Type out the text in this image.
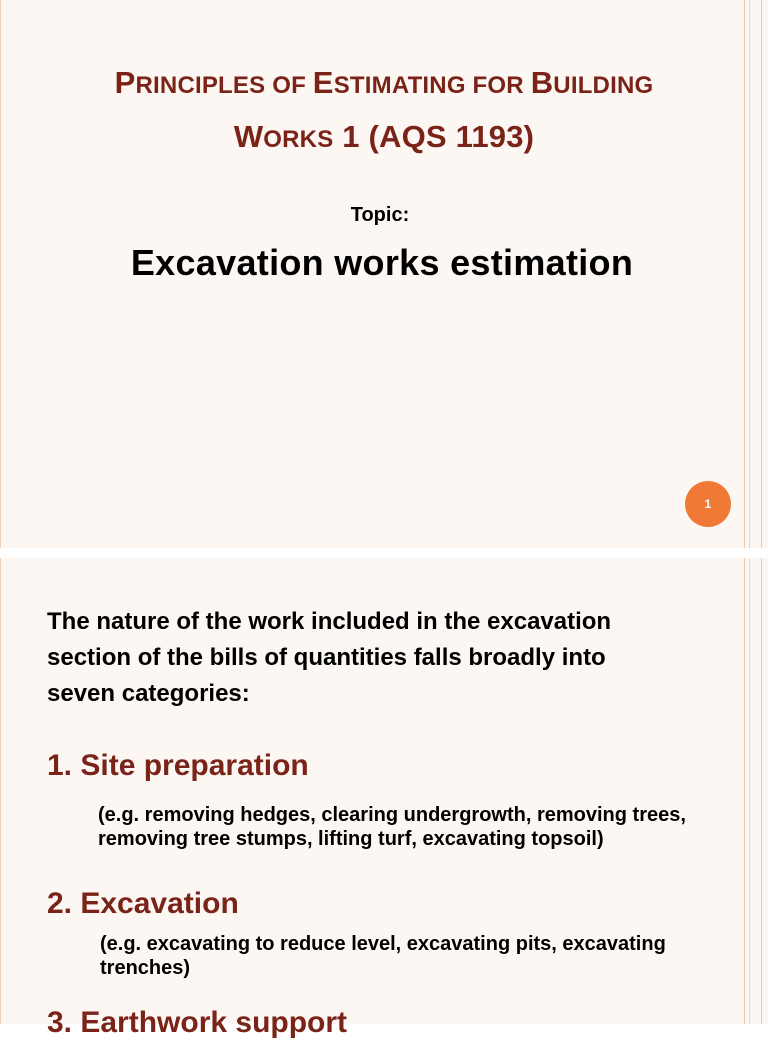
PRINCIPLES OF ESTIMATING FOR BUILDING
WORKS 1 (AQS 1193)
Topic:
Excavation works estimation
1

The nature of the work included in the excavation section of the bills of quantities falls broadly into seven categories:

1. Site preparation

(e.g. removing hedges, clearing undergrowth, removing trees, removing tree stumps, lifting turf, excavating topsoil)

2. Excavation

(e.g. excavating to reduce level, excavating pits, excavating trenches)

3. Earthwork support
